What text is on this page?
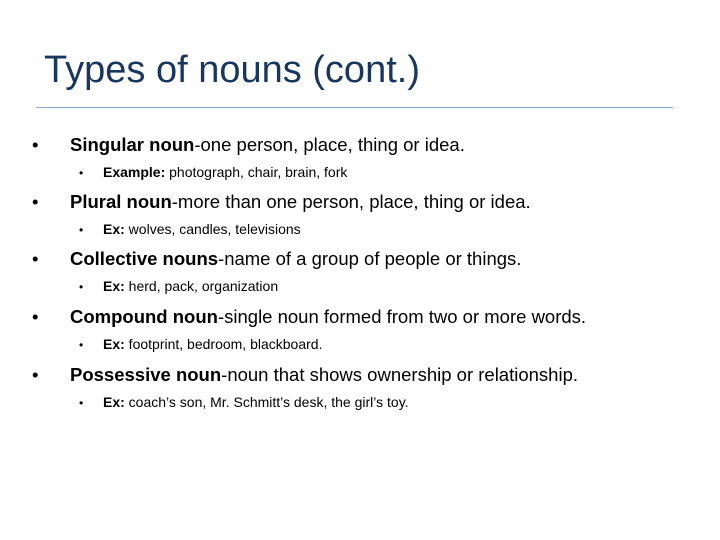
Types of nouns (cont.)
• Singular noun-one person, place, thing or idea.
• Example: photograph, chair, brain, fork
• Plural noun-more than one person, place, thing or idea.
• Ex: wolves, candles, televisions
• Collective nouns-name of a group of people or things.
• Ex: herd, pack, organization
• Compound noun-single noun formed from two or more words.
• Ex: footprint, bedroom, blackboard.
• Possessive noun-noun that shows ownership or relationship.
• Ex: coach’s son, Mr. Schmitt’s desk, the girl’s toy.
